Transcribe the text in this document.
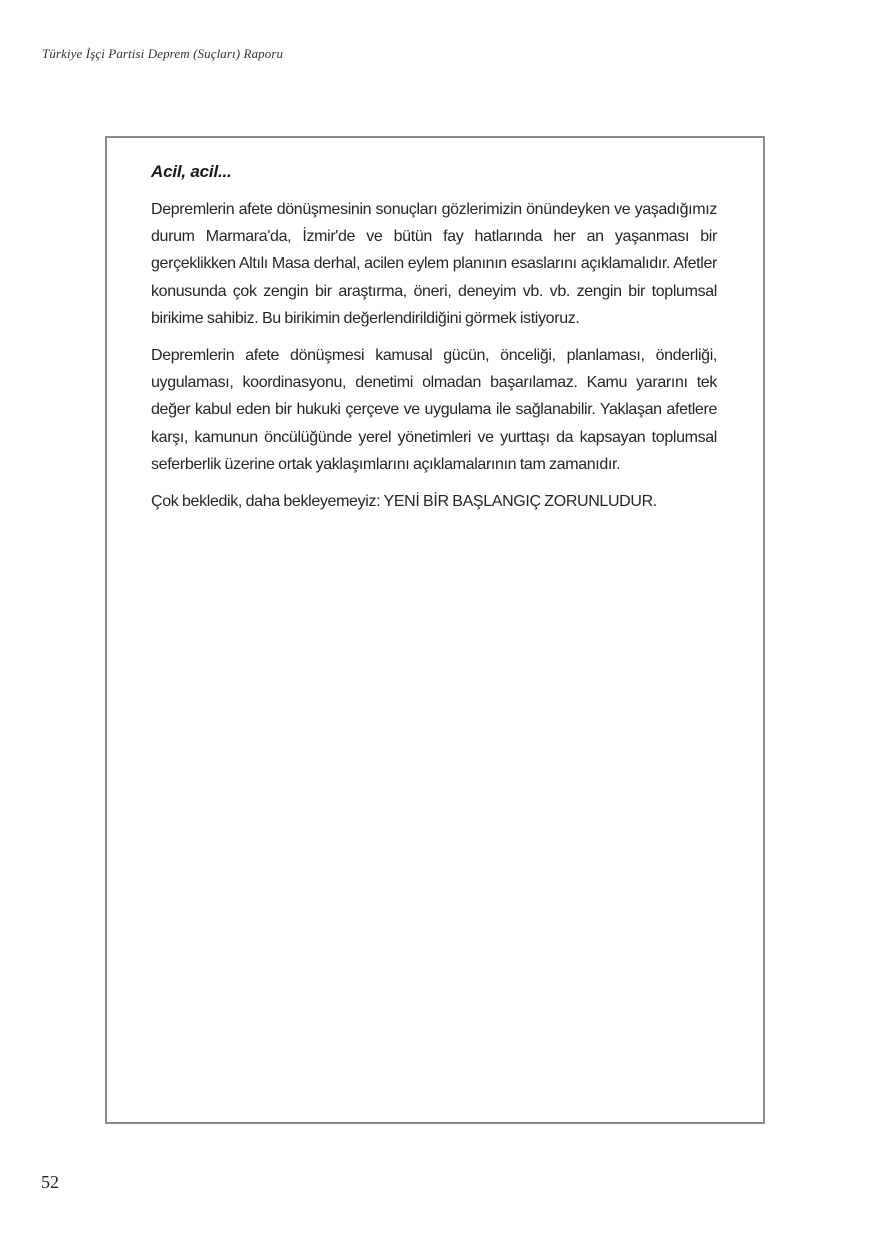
Türkiye İşçi Partisi Deprem (Suçları) Raporu

Acil, acil...

Depremlerin afete dönüşmesinin sonuçları gözlerimizin önündeyken ve yaşadığımız durum Marmara'da, İzmir'de ve bütün fay hatlarında her an yaşanması bir gerçeklikken Altılı Masa derhal, acilen eylem planının esaslarını açıklamalıdır. Afetler konusunda çok zengin bir araştırma, öneri, deneyim vb. vb. zengin bir toplumsal birikime sahibiz. Bu birikimin değerlendirildiğini görmek istiyoruz.

Depremlerin afete dönüşmesi kamusal gücün, önceliği, planlaması, önderliği, uygulaması, koordinasyonu, denetimi olmadan başarılamaz. Kamu yararını tek değer kabul eden bir hukuki çerçeve ve uygulama ile sağlanabilir. Yaklaşan afetlere karşı, kamunun öncülüğünde yerel yönetimleri ve yurttaşı da kapsayan toplumsal seferberlik üzerine ortak yaklaşımlarını açıklamalarının tam zamanıdır.

Çok bekledik, daha bekleyemeyiz: YENİ BİR BAŞLANGIÇ ZORUNLUDUR.

52
